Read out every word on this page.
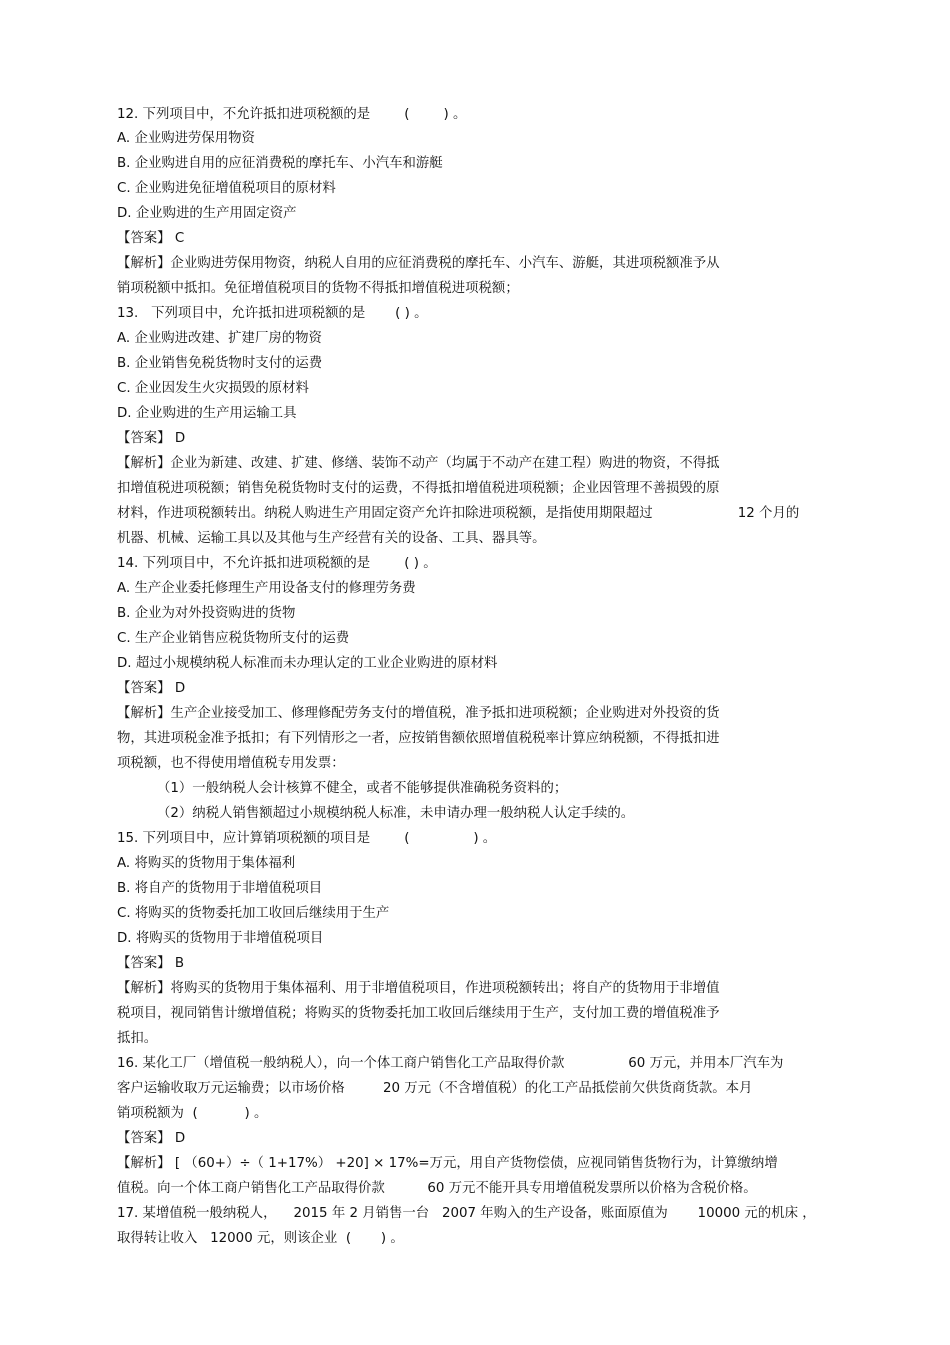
12. 下列项目中，不允许抵扣进项税额的是        (        ) 。
A. 企业购进劳保用物资
B. 企业购进自用的应征消费税的摩托车、小汽车和游艇
C. 企业购进免征增值税项目的原材料
D. 企业购进的生产用固定资产
【答案】 C
【解析】企业购进劳保用物资，纳税人自用的应征消费税的摩托车、小汽车、游艇，其进项税额准予从
销项税额中抵扣。免征增值税项目的货物不得抵扣增值税进项税额；
13.   下列项目中，允许抵扣进项税额的是       ( ) 。
A. 企业购进改建、扩建厂房的物资
B. 企业销售免税货物时支付的运费
C. 企业因发生火灾损毁的原材料
D. 企业购进的生产用运输工具
【答案】 D
【解析】企业为新建、改建、扩建、修缮、装饰不动产（均属于不动产在建工程）购进的物资，不得抵
扣增值税进项税额；销售免税货物时支付的运费，不得抵扣增值税进项税额；企业因管理不善损毁的原
材料，作进项税额转出。纳税人购进生产用固定资产允许扣除进项税额，是指使用期限超过                    12 个月的
机器、机械、运输工具以及其他与生产经营有关的设备、工具、器具等。
14. 下列项目中，不允许抵扣进项税额的是        ( ) 。
A. 生产企业委托修理生产用设备支付的修理劳务费
B. 企业为对外投资购进的货物
C. 生产企业销售应税货物所支付的运费
D. 超过小规模纳税人标准而未办理认定的工业企业购进的原材料
【答案】 D
【解析】生产企业接受加工、修理修配劳务支付的增值税，准予抵扣进项税额；企业购进对外投资的货
物，其进项税金准予抵扣；有下列情形之一者，应按销售额依照增值税税率计算应纳税额，不得抵扣进
项税额，也不得使用增值税专用发票：
（1）一般纳税人会计核算不健全，或者不能够提供准确税务资料的；
（2）纳税人销售额超过小规模纳税人标准，未申请办理一般纳税人认定手续的。
15. 下列项目中，应计算销项税额的项目是        (               ) 。
A. 将购买的货物用于集体福利
B. 将自产的货物用于非增值税项目
C. 将购买的货物委托加工收回后继续用于生产
D. 将购买的货物用于非增值税项目
【答案】 B
【解析】将购买的货物用于集体福利、用于非增值税项目，作进项税额转出；将自产的货物用于非增值
税项目，视同销售计缴增值税；将购买的货物委托加工收回后继续用于生产，支付加工费的增值税准予
抵扣。
16. 某化工厂（增值税一般纳税人），向一个体工商户销售化工产品取得价款               60 万元，并用本厂汽车为
客户运输收取万元运输费；以市场价格         20 万元（不含增值税）的化工产品抵偿前欠供货商货款。本月
销项税额为  (           ) 。
【答案】 D
【解析】 [ （60+）÷（ 1+17%） +20] × 17%=万元，用自产货物偿债，应视同销售货物行为，计算缴纳增
值税。向一个体工商户销售化工产品取得价款          60 万元不能开具专用增值税发票所以价格为含税价格。
17. 某增值税一般纳税人，    2015 年 2 月销售一台   2007 年购入的生产设备，账面原值为       10000 元的机床 ，
取得转让收入   12000 元，则该企业  (       ) 。
